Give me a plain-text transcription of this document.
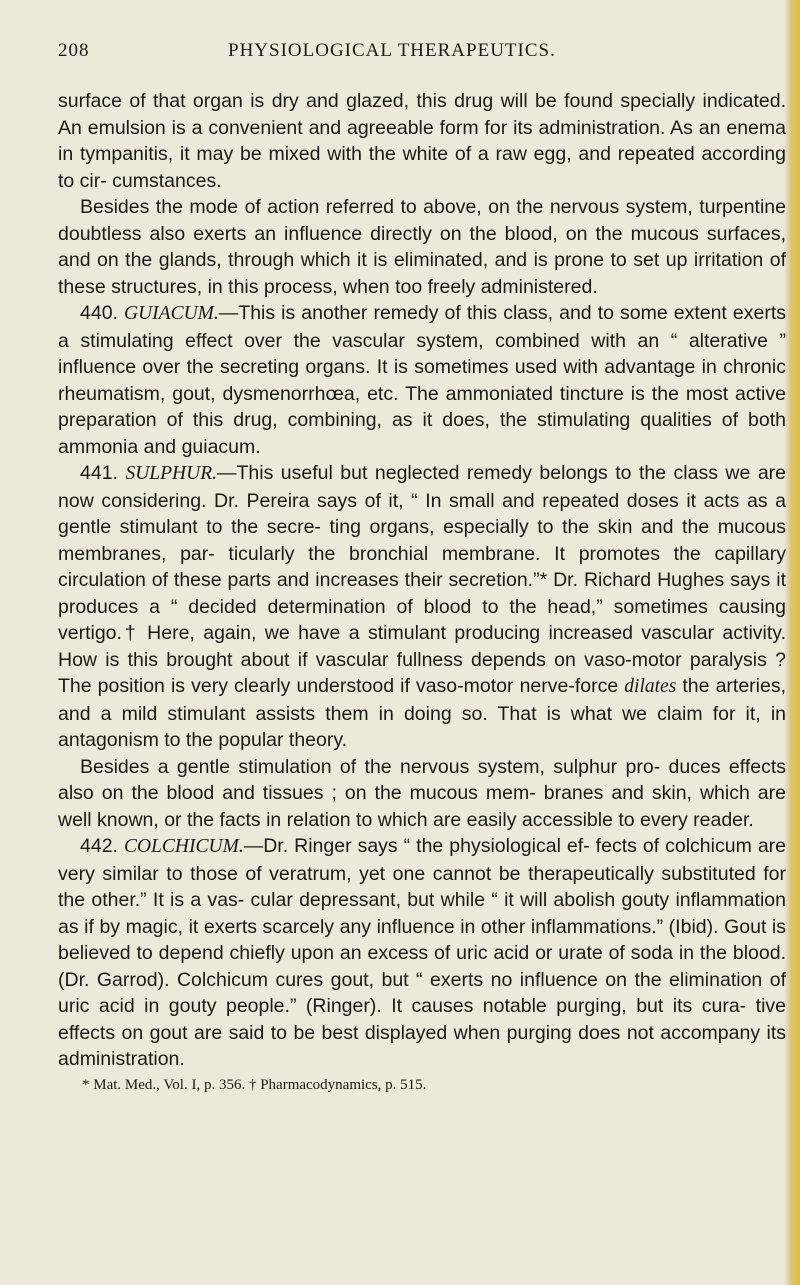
208	PHYSIOLOGICAL THERAPEUTICS.

surface of that organ is dry and glazed, this drug will be found specially indicated. An emulsion is a convenient and agreeable form for its administration. As an enema in tympanitis, it may be mixed with the white of a raw egg, and repeated according to cir- cumstances.

Besides the mode of action referred to above, on the nervous system, turpentine doubtless also exerts an influence directly on the blood, on the mucous surfaces, and on the glands, through which it is eliminated, and is prone to set up irritation of these structures, in this process, when too freely administered.

440. GUIACUM.—This is another remedy of this class, and to some extent exerts a stimulating effect over the vascular system, combined with an “ alterative ” influence over the secreting organs. It is sometimes used with advantage in chronic rheumatism, gout, dysmenorrhœa, etc. The ammoniated tincture is the most active preparation of this drug, combining, as it does, the stimulating qualities of both ammonia and guiacum.

441. SULPHUR.—This useful but neglected remedy belongs to the class we are now considering. Dr. Pereira says of it, “ In small and repeated doses it acts as a gentle stimulant to the secre- ting organs, especially to the skin and the mucous membranes, par- ticularly the bronchial membrane. It promotes the capillary circulation of these parts and increases their secretion.”* Dr. Richard Hughes says it produces a “ decided determination of blood to the head,” sometimes causing vertigo.† Here, again, we have a stimulant producing increased vascular activity. How is this brought about if vascular fullness depends on vaso-motor paralysis ? The position is very clearly understood if vaso-motor nerve-force dilates the arteries, and a mild stimulant assists them in doing so. That is what we claim for it, in antagonism to the popular theory.

Besides a gentle stimulation of the nervous system, sulphur pro- duces effects also on the blood and tissues ; on the mucous mem- branes and skin, which are well known, or the facts in relation to which are easily accessible to every reader.

442. COLCHICUM.—Dr. Ringer says “ the physiological ef- fects of colchicum are very similar to those of veratrum, yet one cannot be therapeutically substituted for the other.” It is a vas- cular depressant, but while “ it will abolish gouty inflammation as if by magic, it exerts scarcely any influence in other inflammations.” (Ibid). Gout is believed to depend chiefly upon an excess of uric acid or urate of soda in the blood. (Dr. Garrod). Colchicum cures gout, but “ exerts no influence on the elimination of uric acid in gouty people.” (Ringer). It causes notable purging, but its cura- tive effects on gout are said to be best displayed when purging does not accompany its administration.

* Mat. Med., Vol. I, p. 356. † Pharmacodynamics, p. 515.
